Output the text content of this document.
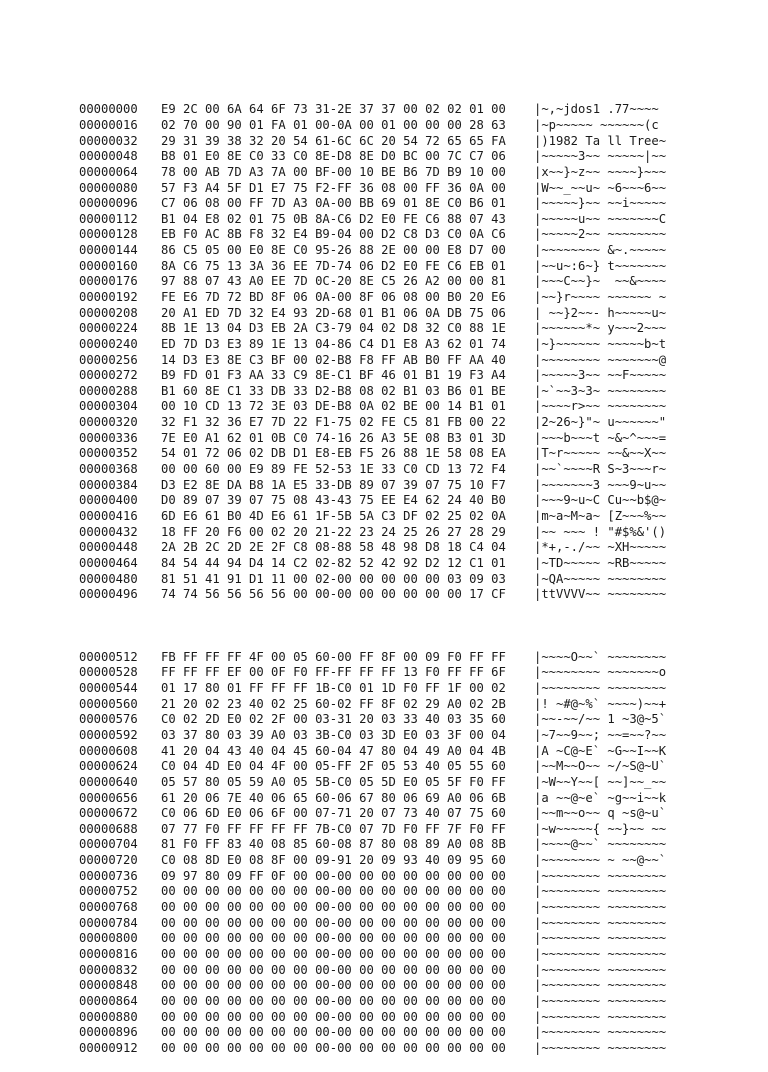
00000000 E9 2C 00 6A 64 6F 73 31-2E 37 37 00 02 02 01 00 |~,~jdos1 .77~~~~
00000016 02 70 00 90 01 FA 01 00-0A 00 01 00 00 00 28 63 |~p~~~~~ ~~~~~~(c
00000032 29 31 39 38 32 20 54 61-6C 6C 20 54 72 65 65 FA |)1982 Ta ll Tree~
00000048 B8 01 E0 8E C0 33 C0 8E-D8 8E D0 BC 00 7C C7 06 |~~~~~3~~ ~~~~~|~~
00000064 78 00 AB 7D A3 7A 00 BF-00 10 BE B6 7D B9 10 00 |x~~}~z~~ ~~~~}~~~
00000080 57 F3 A4 5F D1 E7 75 F2-FF 36 08 00 FF 36 0A 00 |W~~_~~u~ ~6~~~6~~
00000096 C7 06 08 00 FF 7D A3 0A-00 BB 69 01 8E C0 B6 01 |~~~~~}~~ ~~i~~~~~
00000112 B1 04 E8 02 01 75 0B 8A-C6 D2 E0 FE C6 88 07 43 |~~~~~u~~ ~~~~~~~C
00000128 EB F0 AC 8B F8 32 E4 B9-04 00 D2 C8 D3 C0 0A C6 |~~~~~2~~ ~~~~~~~~
00000144 86 C5 05 00 E0 8E C0 95-26 88 2E 00 00 E8 D7 00 |~~~~~~~~ &~.~~~~~
00000160 8A C6 75 13 3A 36 EE 7D-74 06 D2 E0 FE C6 EB 01 |~~u~:6~} t~~~~~~~
00000176 97 88 07 43 A0 EE 7D 0C-20 8E C5 26 A2 00 00 81 |~~~C~~}~  ~~&~~~~
00000192 FE E6 7D 72 BD 8F 06 0A-00 8F 06 08 00 B0 20 E6 |~~}r~~~~ ~~~~~~ ~
00000208 20 A1 ED 7D 32 E4 93 2D-68 01 B1 06 0A DB 75 06 | ~~}2~~- h~~~~~u~
00000224 8B 1E 13 04 D3 EB 2A C3-79 04 02 D8 32 C0 88 1E |~~~~~~*~ y~~~2~~~
00000240 ED 7D D3 E3 89 1E 13 04-86 C4 D1 E8 A3 62 01 74 |~}~~~~~~ ~~~~~b~t
00000256 14 D3 E3 8E C3 BF 00 02-B8 F8 FF AB B0 FF AA 40 |~~~~~~~~ ~~~~~~~@
00000272 B9 FD 01 F3 AA 33 C9 8E-C1 BF 46 01 B1 19 F3 A4 |~~~~~3~~ ~~F~~~~~
00000288 B1 60 8E C1 33 DB 33 D2-B8 08 02 B1 03 B6 01 BE |~`~~3~3~ ~~~~~~~~
00000304 00 10 CD 13 72 3E 03 DE-B8 0A 02 BE 00 14 B1 01 |~~~~r>~~ ~~~~~~~~
00000320 32 F1 32 36 E7 7D 22 F1-75 02 FE C5 81 FB 00 22 |2~26~}"~ u~~~~~~"
00000336 7E E0 A1 62 01 0B C0 74-16 26 A3 5E 08 B3 01 3D |~~~b~~~t ~&~^~~~=
00000352 54 01 72 06 02 DB D1 E8-EB F5 26 88 1E 58 08 EA |T~r~~~~~ ~~&~~X~~
00000368 00 00 60 00 E9 89 FE 52-53 1E 33 C0 CD 13 72 F4 |~~`~~~~R S~3~~~r~
00000384 D3 E2 8E DA B8 1A E5 33-DB 89 07 39 07 75 10 F7 |~~~~~~~3 ~~~9~u~~
00000400 D0 89 07 39 07 75 08 43-43 75 EE E4 62 24 40 B0 |~~~9~u~C Cu~~b$@~
00000416 6D E6 61 B0 4D E6 61 1F-5B 5A C3 DF 02 25 02 0A |m~a~M~a~ [Z~~~%~~
00000432 18 FF 20 F6 00 02 20 21-22 23 24 25 26 27 28 29 |~~ ~~~ ! "#$%&'()
00000448 2A 2B 2C 2D 2E 2F C8 08-88 58 48 98 D8 18 C4 04 |*+,-./~~ ~XH~~~~~
00000464 84 54 44 94 D4 14 C2 02-82 52 42 92 D2 12 C1 01 |~TD~~~~~ ~RB~~~~~
00000480 81 51 41 91 D1 11 00 02-00 00 00 00 00 03 09 03 |~QA~~~~~ ~~~~~~~~
00000496 74 74 56 56 56 56 00 00-00 00 00 00 00 00 17 CF |ttVVVV~~ ~~~~~~~~

00000512 FB FF FF FF 4F 00 05 60-00 FF 8F 00 09 F0 FF FF |~~~~O~~` ~~~~~~~~
00000528 FF FF FF EF 00 0F F0 FF-FF FF FF 13 F0 FF FF 6F |~~~~~~~~ ~~~~~~~o
00000544 01 17 80 01 FF FF FF 1B-C0 01 1D F0 FF 1F 00 02 |~~~~~~~~ ~~~~~~~~
00000560 21 20 02 23 40 02 25 60-02 FF 8F 02 29 A0 02 2B |! ~#@~%` ~~~~)~~+
00000576 C0 02 2D E0 02 2F 00 03-31 20 03 33 40 03 35 60 |~~-~~/~~ 1 ~3@~5`
00000592 03 37 80 03 39 A0 03 3B-C0 03 3D E0 03 3F 00 04 |~7~~9~~; ~~=~~?~~
00000608 41 20 04 43 40 04 45 60-04 47 80 04 49 A0 04 4B |A ~C@~E` ~G~~I~~K
00000624 C0 04 4D E0 04 4F 00 05-FF 2F 05 53 40 05 55 60 |~~M~~O~~ ~/~S@~U`
00000640 05 57 80 05 59 A0 05 5B-C0 05 5D E0 05 5F F0 FF |~W~~Y~~[ ~~]~~_~~
00000656 61 20 06 7E 40 06 65 60-06 67 80 06 69 A0 06 6B |a ~~@~e` ~g~~i~~k
00000672 C0 06 6D E0 06 6F 00 07-71 20 07 73 40 07 75 60 |~~m~~o~~ q ~s@~u`
00000688 07 77 F0 FF FF FF FF 7B-C0 07 7D F0 FF 7F F0 FF |~w~~~~~{ ~~}~~ ~~
00000704 81 F0 FF 83 40 08 85 60-08 87 80 08 89 A0 08 8B |~~~~@~~` ~~~~~~~~
00000720 C0 08 8D E0 08 8F 00 09-91 20 09 93 40 09 95 60 |~~~~~~~~ ~ ~~@~~`
00000736 09 97 80 09 FF 0F 00 00-00 00 00 00 00 00 00 00 |~~~~~~~~ ~~~~~~~~
00000752 00 00 00 00 00 00 00 00-00 00 00 00 00 00 00 00 |~~~~~~~~ ~~~~~~~~
00000768 00 00 00 00 00 00 00 00-00 00 00 00 00 00 00 00 |~~~~~~~~ ~~~~~~~~
00000784 00 00 00 00 00 00 00 00-00 00 00 00 00 00 00 00 |~~~~~~~~ ~~~~~~~~
00000800 00 00 00 00 00 00 00 00-00 00 00 00 00 00 00 00 |~~~~~~~~ ~~~~~~~~
00000816 00 00 00 00 00 00 00 00-00 00 00 00 00 00 00 00 |~~~~~~~~ ~~~~~~~~
00000832 00 00 00 00 00 00 00 00-00 00 00 00 00 00 00 00 |~~~~~~~~ ~~~~~~~~
00000848 00 00 00 00 00 00 00 00-00 00 00 00 00 00 00 00 |~~~~~~~~ ~~~~~~~~
00000864 00 00 00 00 00 00 00 00-00 00 00 00 00 00 00 00 |~~~~~~~~ ~~~~~~~~
00000880 00 00 00 00 00 00 00 00-00 00 00 00 00 00 00 00 |~~~~~~~~ ~~~~~~~~
00000896 00 00 00 00 00 00 00 00-00 00 00 00 00 00 00 00 |~~~~~~~~ ~~~~~~~~
00000912 00 00 00 00 00 00 00 00-00 00 00 00 00 00 00 00 |~~~~~~~~ ~~~~~~~~
